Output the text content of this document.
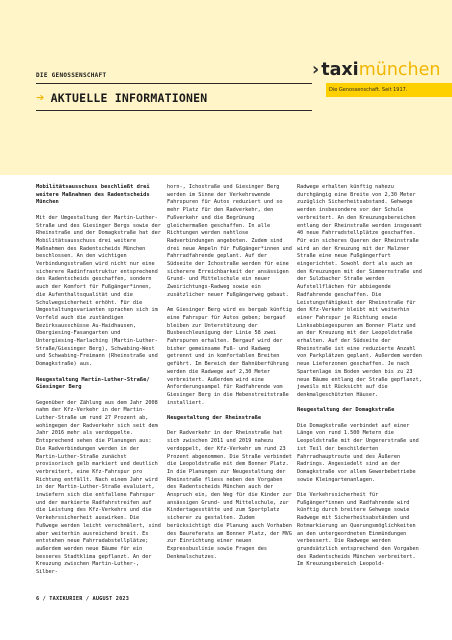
DIE GENOSSENSCHAFT
➔ AKTUELLE INFORMATIONEN
› taxi münchen
Die Genossenschaft. Seit 1917.
Mobilitätsausschuss beschließt drei weitere Maßnahmen des Radentscheids München

Mit der Umgestaltung der Martin-Luther-Straße und des Giesinger Bergs sowie der Rheinstraße und der Domagkstraße hat der Mobilitätsausschuss drei weitere Maßnahmen des Radentscheids München beschlossen. An den wichtigen Verbindungsstraßen wird nicht nur eine sicherere Radinfrastruktur entsprechend des Radentscheids geschaffen, sondern auch der Komfort für Fußgänger*innen, die Aufenthaltsqualität und die Schulwegsicherheit erhöht. Für die Umgestaltungsvarianten sprachen sich im Vorfeld auch die zuständigen Bezirksausschüsse Au-Haidhausen, Obergiesing-Fasangarten und Untergiesing-Harlaching (Martin-Luther-Straße/Giesinger Berg), Schwabing-West und Schwabing-Freimann (Rheinstraße und Domagkstraße) aus.

Neugestaltung Martin-Luther-Straße/ Giesinger Berg

Gegenüber der Zählung aus dem Jahr 2008 nahm der Kfz-Verkehr in der Martin-Luther-Straße um rund 27 Prozent ab, wohingegen der Radverkehr sich seit dem Jahr 2016 mehr als verdoppelte. Entsprechend sehen die Planungen aus: Die Radverbindungen werden in der Martin-Luther-Straße zunächst provisorisch gelb markiert und deutlich verbreitert, eine Kfz-Fahrspur pro Richtung entfällt. Nach einem Jahr wird in der Martin-Luther-Straße evaluiert, inwiefern sich die entfallene Fahrspur und der markierte Radfahrstreifen auf die Leistung des Kfz-Verkehrs und die Verkehrssicherheit auswirken. Die Fußwege werden leicht verschmälert, sind aber weiterhin ausreichend breit. Es entstehen neue Fahrradabstellplätze; außerdem werden neue Bäume für ein besseres Stadtklima gepflanzt. An der Kreuzung zwischen Martin-Luther-, Silber-

horn-, Ichostraße und Giesinger Berg werden im Sinne der Verkehrswende Fahrspuren für Autos reduziert und so mehr Platz für den Radverkehr, den Fußverkehr und die Begrünung gleichermaßen geschaffen. In alle Richtungen werden nahtlose Radverbindungen angeboten. Zudem sind drei neue Ampeln für Fußgänger*innen und Fahrradfahrende geplant. Auf der Südseite der Ichostraße werden für eine sicherere Erreichbarkeit der ansässigen Grund- und Mittelschule ein neuer Zweirichtungs-Radweg sowie ein zusätzlicher neuer Fußgängerweg gebaut.

Am Giesinger Berg wird es bergab künftig eine Fahrspur für Autos geben; bergauf bleiben zur Unterstützung der Busbeschleunigung der Linie 58 zwei Fahrspuren erhalten. Bergauf wird der bisher gemeinsame Fuß- und Radweg getrennt und in komfortablen Breiten geführt. Im Bereich der Bahnüberführung werden die Radwege auf 2,30 Meter verbreitert. Außerdem wird eine Anforderungsampel für Radfahrende vom Giesinger Berg in die Hebenstreitstraße installiert.

Neugestaltung der Rheinstraße

Der Radverkehr in der Rheinstraße hat sich zwischen 2011 und 2019 nahezu verdoppelt, der Kfz-Verkehr um rund 23 Prozent abgenommen. Die Straße verbindet die Leopoldstraße mit dem Bonner Platz. In die Planungen zur Neugestaltung der Rheinstraße fliess neben den Vorgaben des Radentscheids München auch der Anspruch ein, den Weg für die Kinder zur ansässigen Grund- und Mittelschule, zur Kindertagesstätte und zum Sportplatz sicherer zu gestalten. Zudem berücksichtigt die Planung auch Vorhaben des Baureferats am Bonner Platz, der MVG zur Einrichtung einer neuen Expressbuslinie sowie Fragen des Denkmalschutzes.

Radwege erhalten künftig nahezu durchgängig eine Breite von 2,30 Meter zuzüglich Sicherheitsabstand. Gehwege werden insbesondere vor der Schule verbreitert. An den Kreuzungsbereichen entlang der Rheinstraße werden insgesamt 40 neue Fahrradstellplätze geschaffen. Für ein sicheres Queren der Rheinstraße wird an der Kreuzung mit der Malzner Straße eine neue Fußgängerfurt eingerichtet. Sowohl dort als auch an den Kreuzungen mit der Simmernstraße und der Sulzbacher Straße werden Aufstellflächen für abbiegende Radfahrende geschaffen. Die Leistungsfähigkeit der Rheinstraße für den Kfz-Verkehr bleibt mit weiterhin einer Fahrspur je Richtung sowie Linksabbiegespuren am Bonner Platz und an der Kreuzung mit der Leopoldstraße erhalten. Auf der Südseite der Rheinstraße ist eine reduzierte Anzahl von Parkplätzen geplant. Außerdem werden neue Lieferzonen geschaffen. Je nach Spartenlage im Boden werden bis zu 23 neue Bäume entlang der Straße gepflanzt, jeweils mit Rücksicht auf die denkmalgeschützten Häuser.

Neugestaltung der Domagkstraße

Die Domagkstraße verbindet auf einer Länge von rund 1.500 Metern die Leopoldstraße mit der Ungererstraße und ist Teil der beschilderten Fahrradhauptroute und des Äußeren Radrings. Angesiedelt sind an der Domagkstraße vor allem Gewerbebetriebe sowie Kleingartenanlagen.

Die Verkehrssicherheit für Fußgänger*innen und Radfahrende wird künftig durch breitere Gehwege sowie Radwege mit Sicherheitsabständen und Rotmarkierung an Querungsmöglichkeiten an den untergeordneten Einmündungen verbessert. Die Radwege werden grundsätzlich entsprechend den Vorgaben des Radentscheids München verbreitert. Im Kreuzungsbereich Leopold-

6 / TAXIKURIER / AUGUST 2023
